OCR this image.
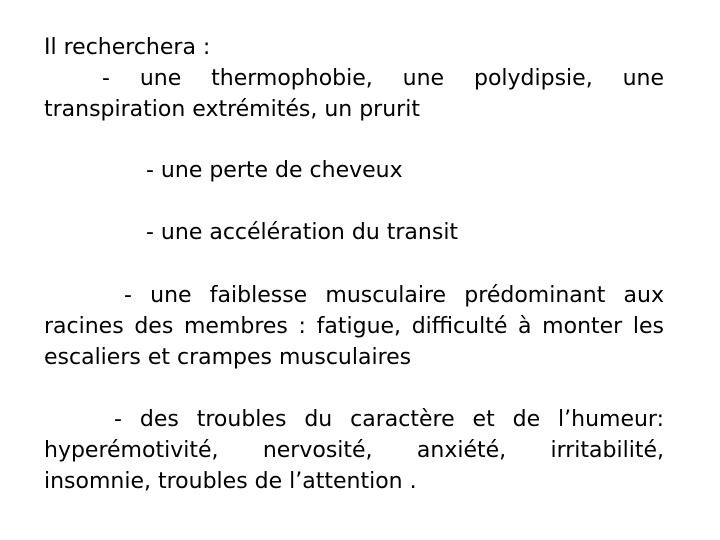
Il recherchera :

- une thermophobie, une polydipsie, une
transpiration extrémités, un prurit

- une perte de cheveux

- une accélération du transit

- une faiblesse musculaire prédominant aux
racines des membres : fatigue, difficulté à monter les escaliers et crampes musculaires
- des troubles du caractère et de l’humeur:
hyperémotivité, nervosité, anxiété, irritabilité, insomnie, troubles de l’attention .
